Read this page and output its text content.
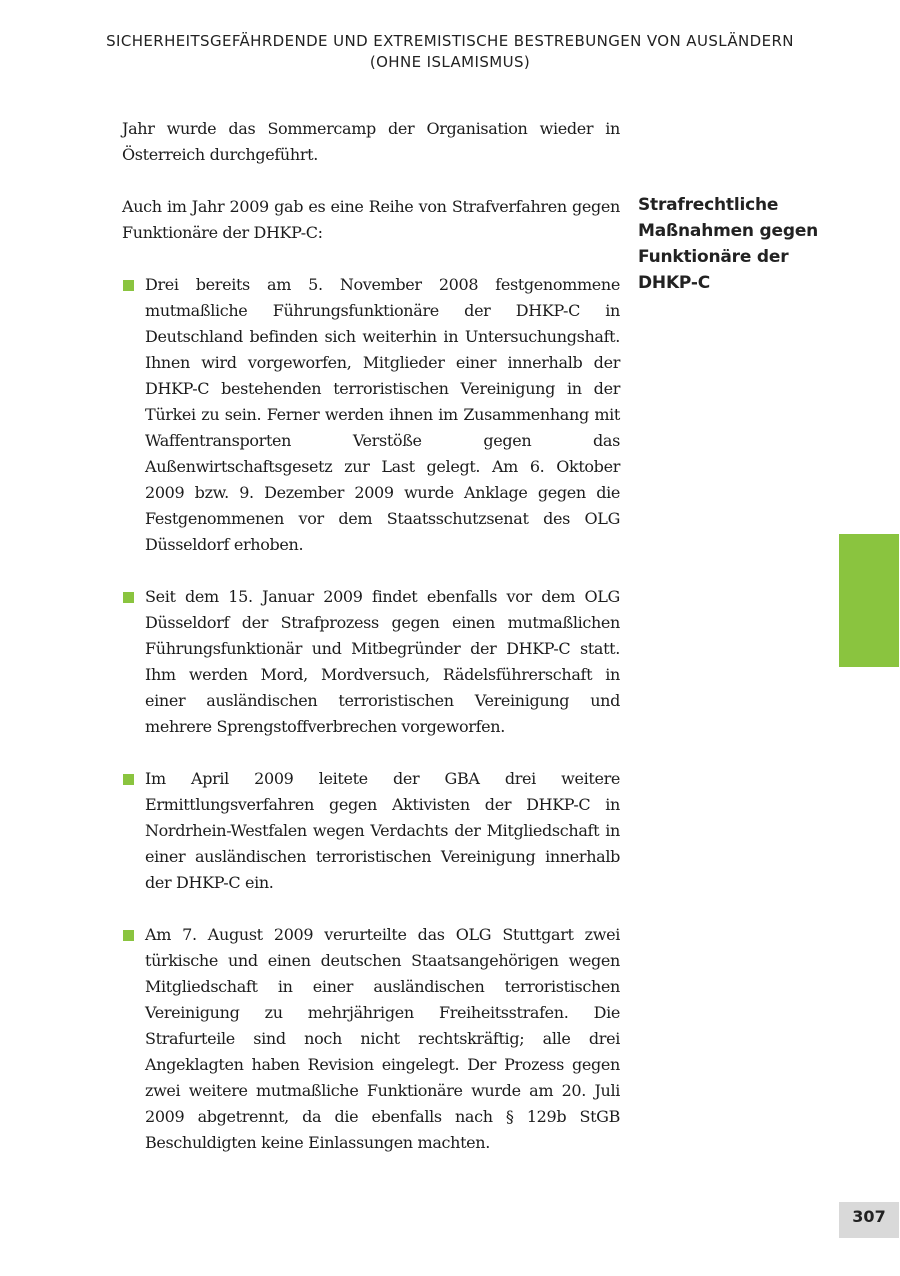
SICHERHEITSGEFÄHRDENDE UND EXTREMISTISCHE BESTREBUNGEN VON AUSLÄNDERN
(OHNE ISLAMISMUS)

Jahr wurde das Sommercamp der Organisation wieder in Österreich durchgeführt.

Auch im Jahr 2009 gab es eine Reihe von Strafverfahren gegen Funktionäre der DHKP-C:

Drei bereits am 5. November 2008 festgenommene mutmaßliche Führungsfunktionäre der DHKP-C in Deutschland befinden sich weiterhin in Untersuchungshaft. Ihnen wird vorgeworfen, Mitglieder einer innerhalb der DHKP-C bestehenden terroristischen Vereinigung in der Türkei zu sein. Ferner werden ihnen im Zusammenhang mit Waffentransporten Verstöße gegen das Außenwirtschaftsgesetz zur Last gelegt. Am 6. Oktober 2009 bzw. 9. Dezember 2009 wurde Anklage gegen die Festgenommenen vor dem Staatsschutzsenat des OLG Düsseldorf erhoben.
Seit dem 15. Januar 2009 findet ebenfalls vor dem OLG Düsseldorf der Strafprozess gegen einen mutmaßlichen Führungsfunktionär und Mitbegründer der DHKP-C statt. Ihm werden Mord, Mordversuch, Rädelsführerschaft in einer ausländischen terroristischen Vereinigung und mehrere Sprengstoffverbrechen vorgeworfen.
Im April 2009 leitete der GBA drei weitere Ermittlungsverfahren gegen Aktivisten der DHKP-C in Nordrhein-Westfalen wegen Verdachts der Mitgliedschaft in einer ausländischen terroristischen Vereinigung innerhalb der DHKP-C ein.
Am 7. August 2009 verurteilte das OLG Stuttgart zwei türkische und einen deutschen Staatsangehörigen wegen Mitgliedschaft in einer ausländischen terroristischen Vereinigung zu mehrjährigen Freiheitsstrafen. Die Strafurteile sind noch nicht rechtskräftig; alle drei Angeklagten haben Revision eingelegt. Der Prozess gegen zwei weitere mutmaßliche Funktionäre wurde am 20. Juli 2009 abgetrennt, da die ebenfalls nach § 129b StGB Beschuldigten keine Einlassungen machten.
Strafrechtliche Maßnahmen gegen Funktionäre der DHKP-C
307
